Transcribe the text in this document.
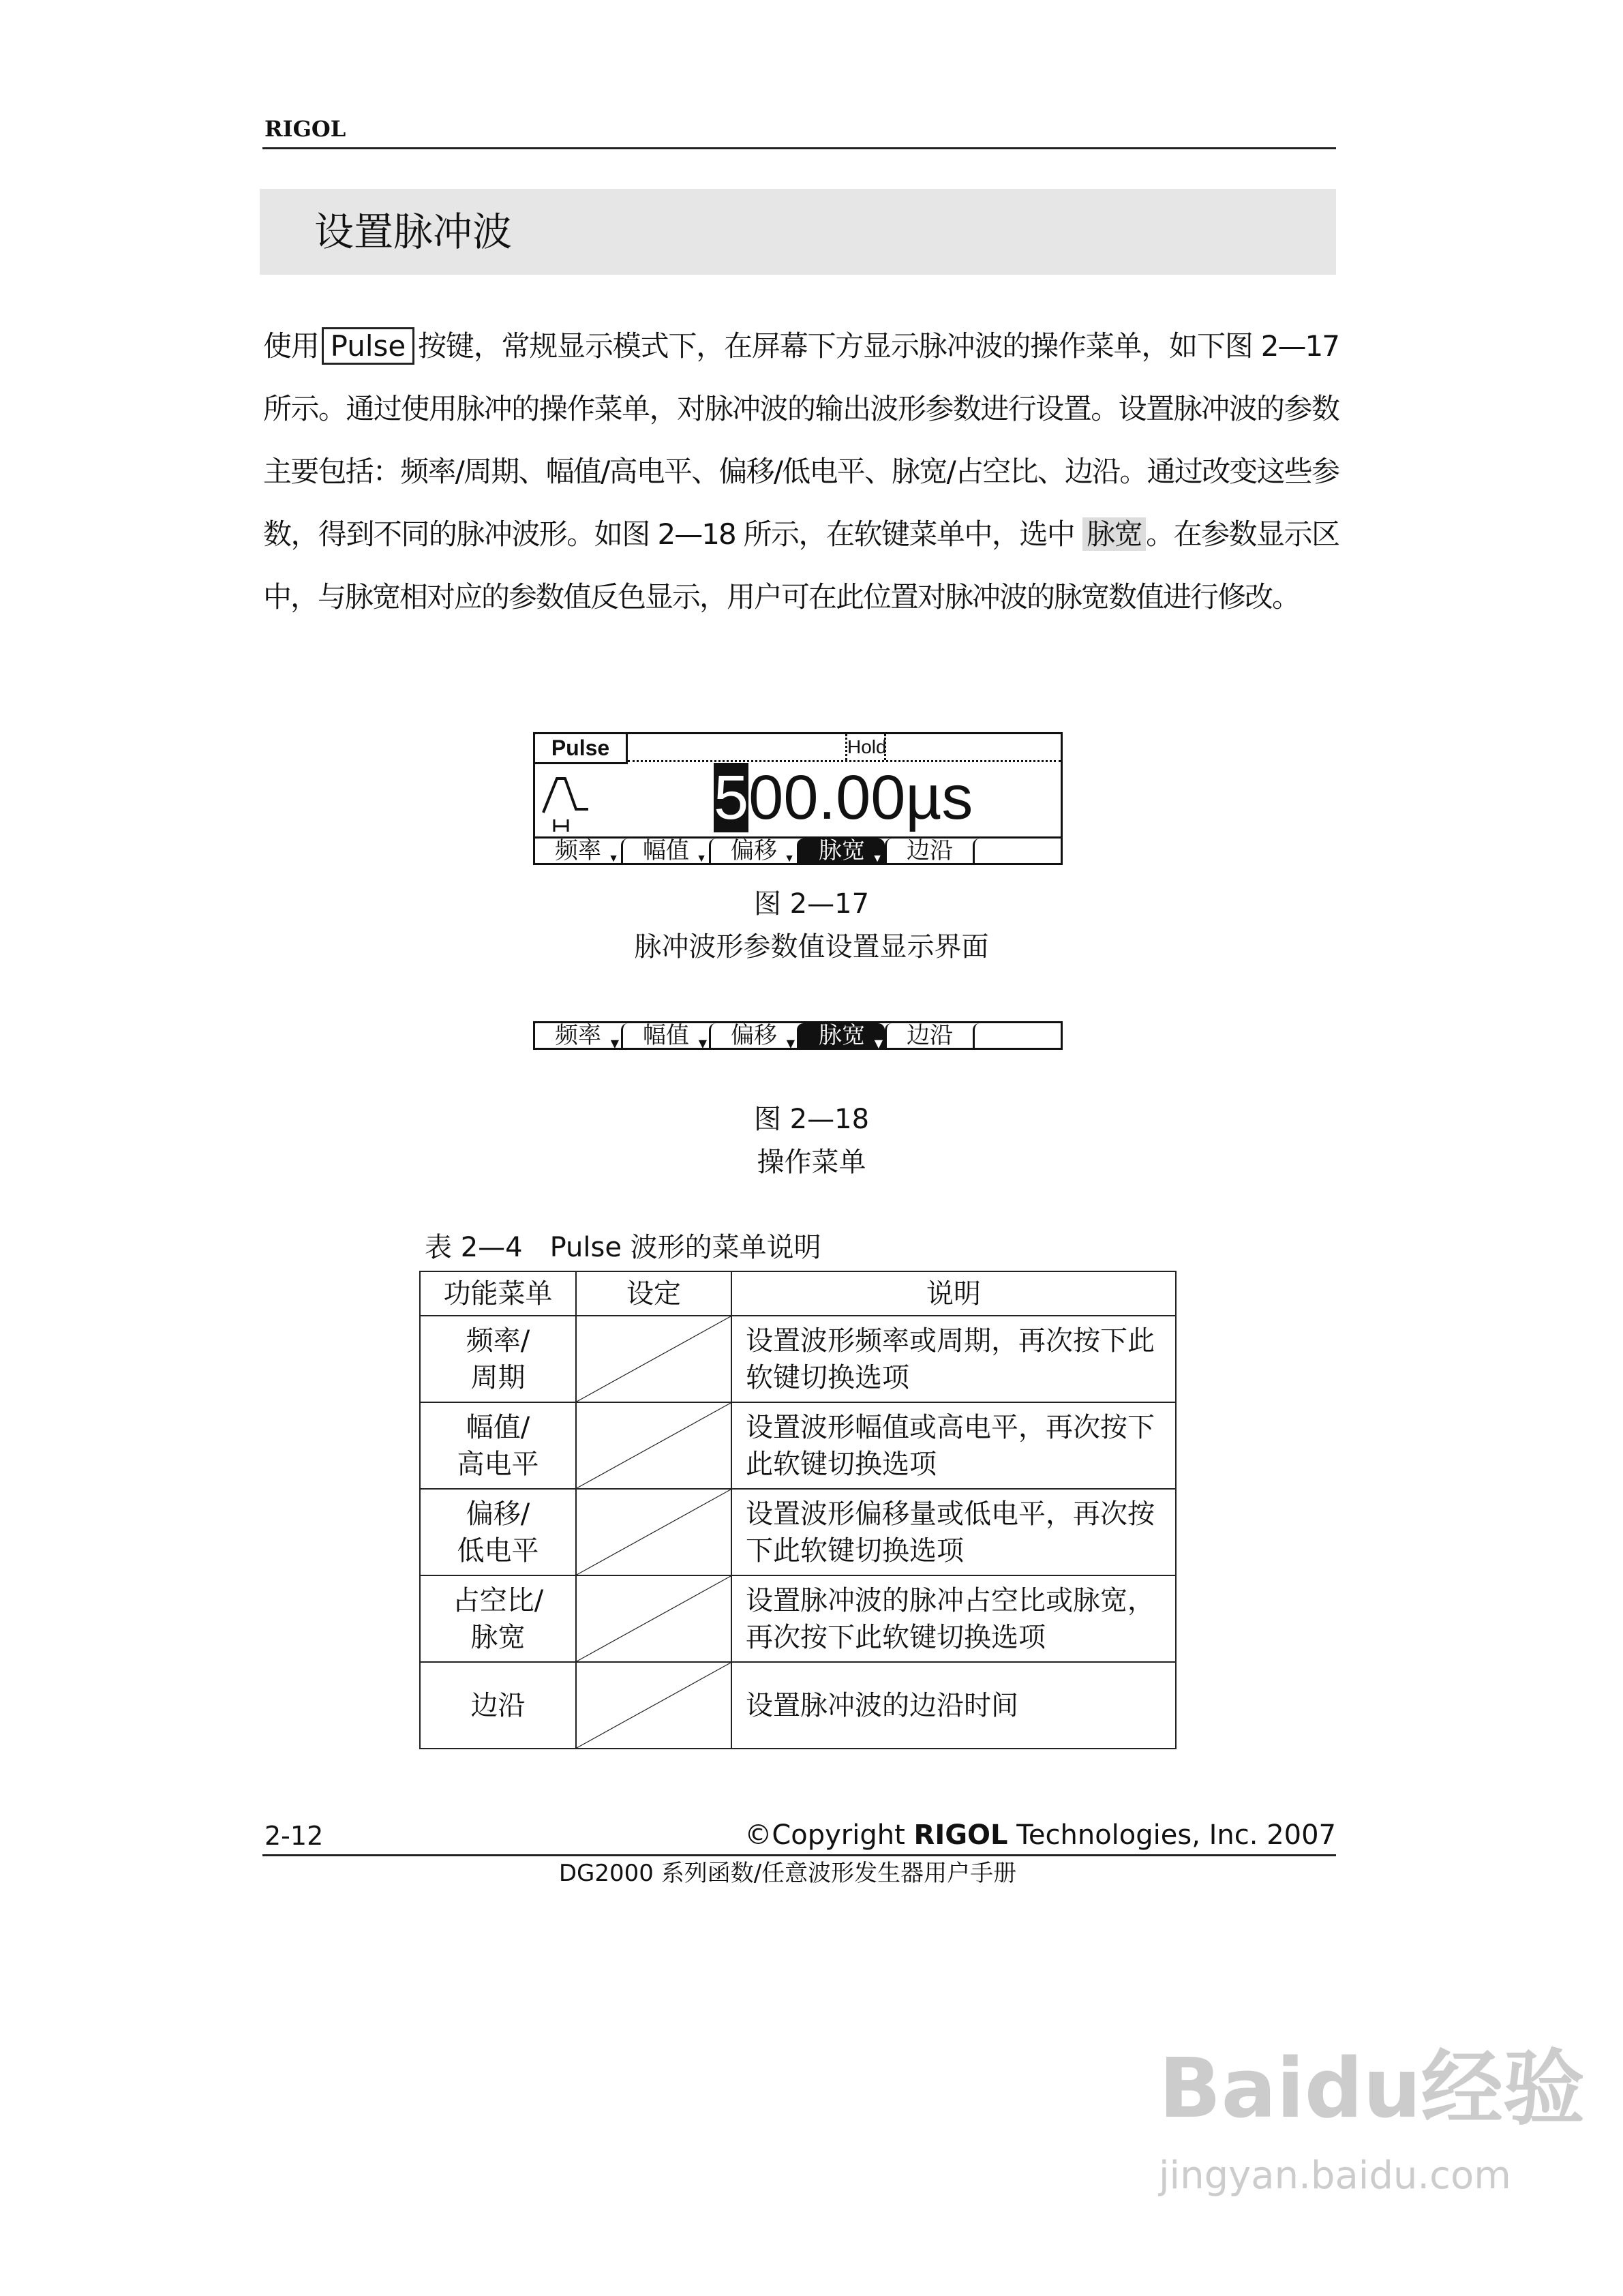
RIGOL
设置脉冲波
使用 Pulse 按键，常规显示模式下，在屏幕下方显示脉冲波的操作菜单，如下图 2—17 所示。通过使用脉冲的操作菜单，对脉冲波的输出波形参数进行设置。设置脉冲波的参数主要包括：频率/周期、幅值/高电平、偏移/低电平、脉宽/占空比、边沿。通过改变这些参数，得到不同的脉冲波形。如图 2—18 所示，在软键菜单中，选中 脉宽 。在参数显示区中，与脉宽相对应的参数值反色显示，用户可在此位置对脉冲波的脉宽数值进行修改。
Pulse	Hold
500.00µs
频率 ▼	幅值 ▼	偏移 ▼	脉宽 ▼	边沿
图 2—17
脉冲波形参数值设置显示界面
频率 ▼	幅值 ▼	偏移 ▼	脉宽 ▼	边沿
图 2—18
操作菜单
表 2—4　Pulse 波形的菜单说明
功能菜单	设定	说明
频率/
周期		设置波形频率或周期，再次按下此软键切换选项
幅值/
高电平		设置波形幅值或高电平，再次按下此软键切换选项
偏移/
低电平		设置波形偏移量或低电平，再次按下此软键切换选项
占空比/
脉宽		设置脉冲波的脉冲占空比或脉宽，再次按下此软键切换选项
边沿		设置脉冲波的边沿时间
2-12	©Copyright RIGOL Technologies, Inc. 2007
DG2000 系列函数/任意波形发生器用户手册
Baidu经验
jingyan.baidu.com
